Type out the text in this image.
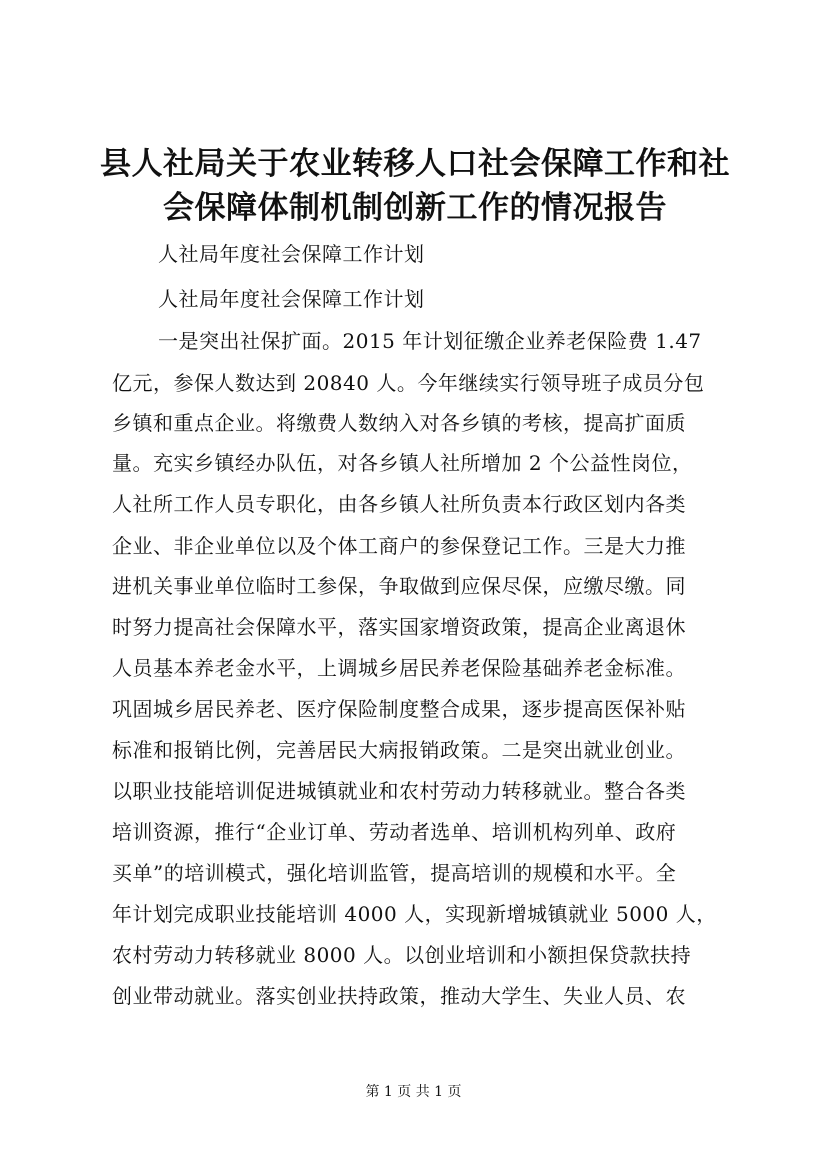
县人社局关于农业转移人口社会保障工作和社
会保障体制机制创新工作的情况报告
人社局年度社会保障工作计划
人社局年度社会保障工作计划
一是突出社保扩面。2015 年计划征缴企业养老保险费 1.47
亿元，参保人数达到 20840 人。今年继续实行领导班子成员分包
乡镇和重点企业。将缴费人数纳入对各乡镇的考核，提高扩面质
量。充实乡镇经办队伍，对各乡镇人社所增加 2 个公益性岗位，
人社所工作人员专职化，由各乡镇人社所负责本行政区划内各类
企业、非企业单位以及个体工商户的参保登记工作。三是大力推
进机关事业单位临时工参保，争取做到应保尽保，应缴尽缴。同
时努力提高社会保障水平，落实国家增资政策，提高企业离退休
人员基本养老金水平，上调城乡居民养老保险基础养老金标准。
巩固城乡居民养老、医疗保险制度整合成果，逐步提高医保补贴
标准和报销比例，完善居民大病报销政策。二是突出就业创业。
以职业技能培训促进城镇就业和农村劳动力转移就业。整合各类
培训资源，推行“企业订单、劳动者选单、培训机构列单、政府
买单”的培训模式，强化培训监管，提高培训的规模和水平。全
年计划完成职业技能培训 4000 人，实现新增城镇就业 5000 人，
农村劳动力转移就业 8000 人。以创业培训和小额担保贷款扶持
创业带动就业。落实创业扶持政策，推动大学生、失业人员、农
第 1 页 共 1 页
